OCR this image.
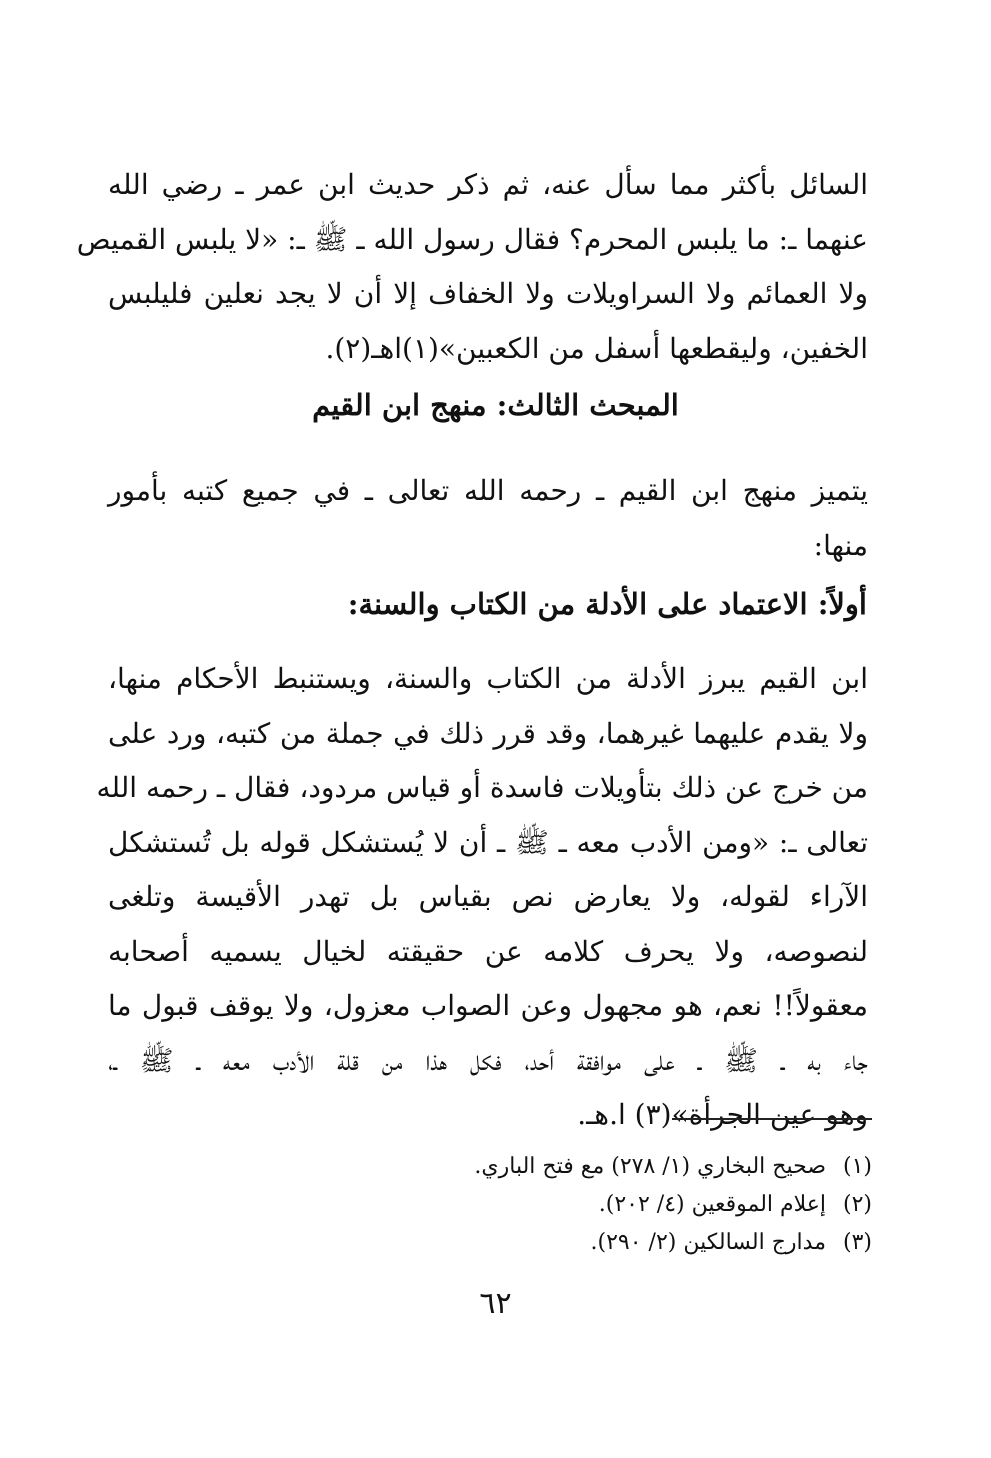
السائل بأكثر مما سأل عنه، ثم ذكر حديث ابن عمر ـ رضي الله
عنهما ـ: ما يلبس المحرم؟ فقال رسول الله ـ ﷺ ـ: «لا يلبس القميص
ولا العمائم ولا السراويلات ولا الخفاف إلا أن لا يجد نعلين فليلبس
الخفين، وليقطعها أسفل من الكعبين»(١)اهـ(٢).
المبحث الثالث: منهج ابن القيم
يتميز منهج ابن القيم ـ رحمه الله تعالى ـ في جميع كتبه بأمور
منها:
أولاً: الاعتماد على الأدلة من الكتاب والسنة:
ابن القيم يبرز الأدلة من الكتاب والسنة، ويستنبط الأحكام منها،
ولا يقدم عليهما غيرهما، وقد قرر ذلك في جملة من كتبه، ورد على
من خرج عن ذلك بتأويلات فاسدة أو قياس مردود، فقال ـ رحمه الله
تعالى ـ: «ومن الأدب معه ـ ﷺ ـ أن لا يُستشكل قوله بل تُستشكل
الآراء لقوله، ولا يعارض نص بقياس بل تهدر الأقيسة وتلغى
لنصوصه، ولا يحرف كلامه عن حقيقته لخيال يسميه أصحابه
معقولاً!! نعم، هو مجهول وعن الصواب معزول، ولا يوقف قبول ما
جاء به ـ ﷺ ـ على موافقة أحد، فكل هذا من قلة الأدب معه ـ ﷺ ـ،
وهو عين الجرأة»(٣) ا.هـ.
(١)صحيح البخاري (١/ ٢٧٨) مع فتح الباري.
(٢)إعلام الموقعين (٤/ ٢٠٢).
(٣)مدارج السالكين (٢/ ٢٩٠).
٦٢
